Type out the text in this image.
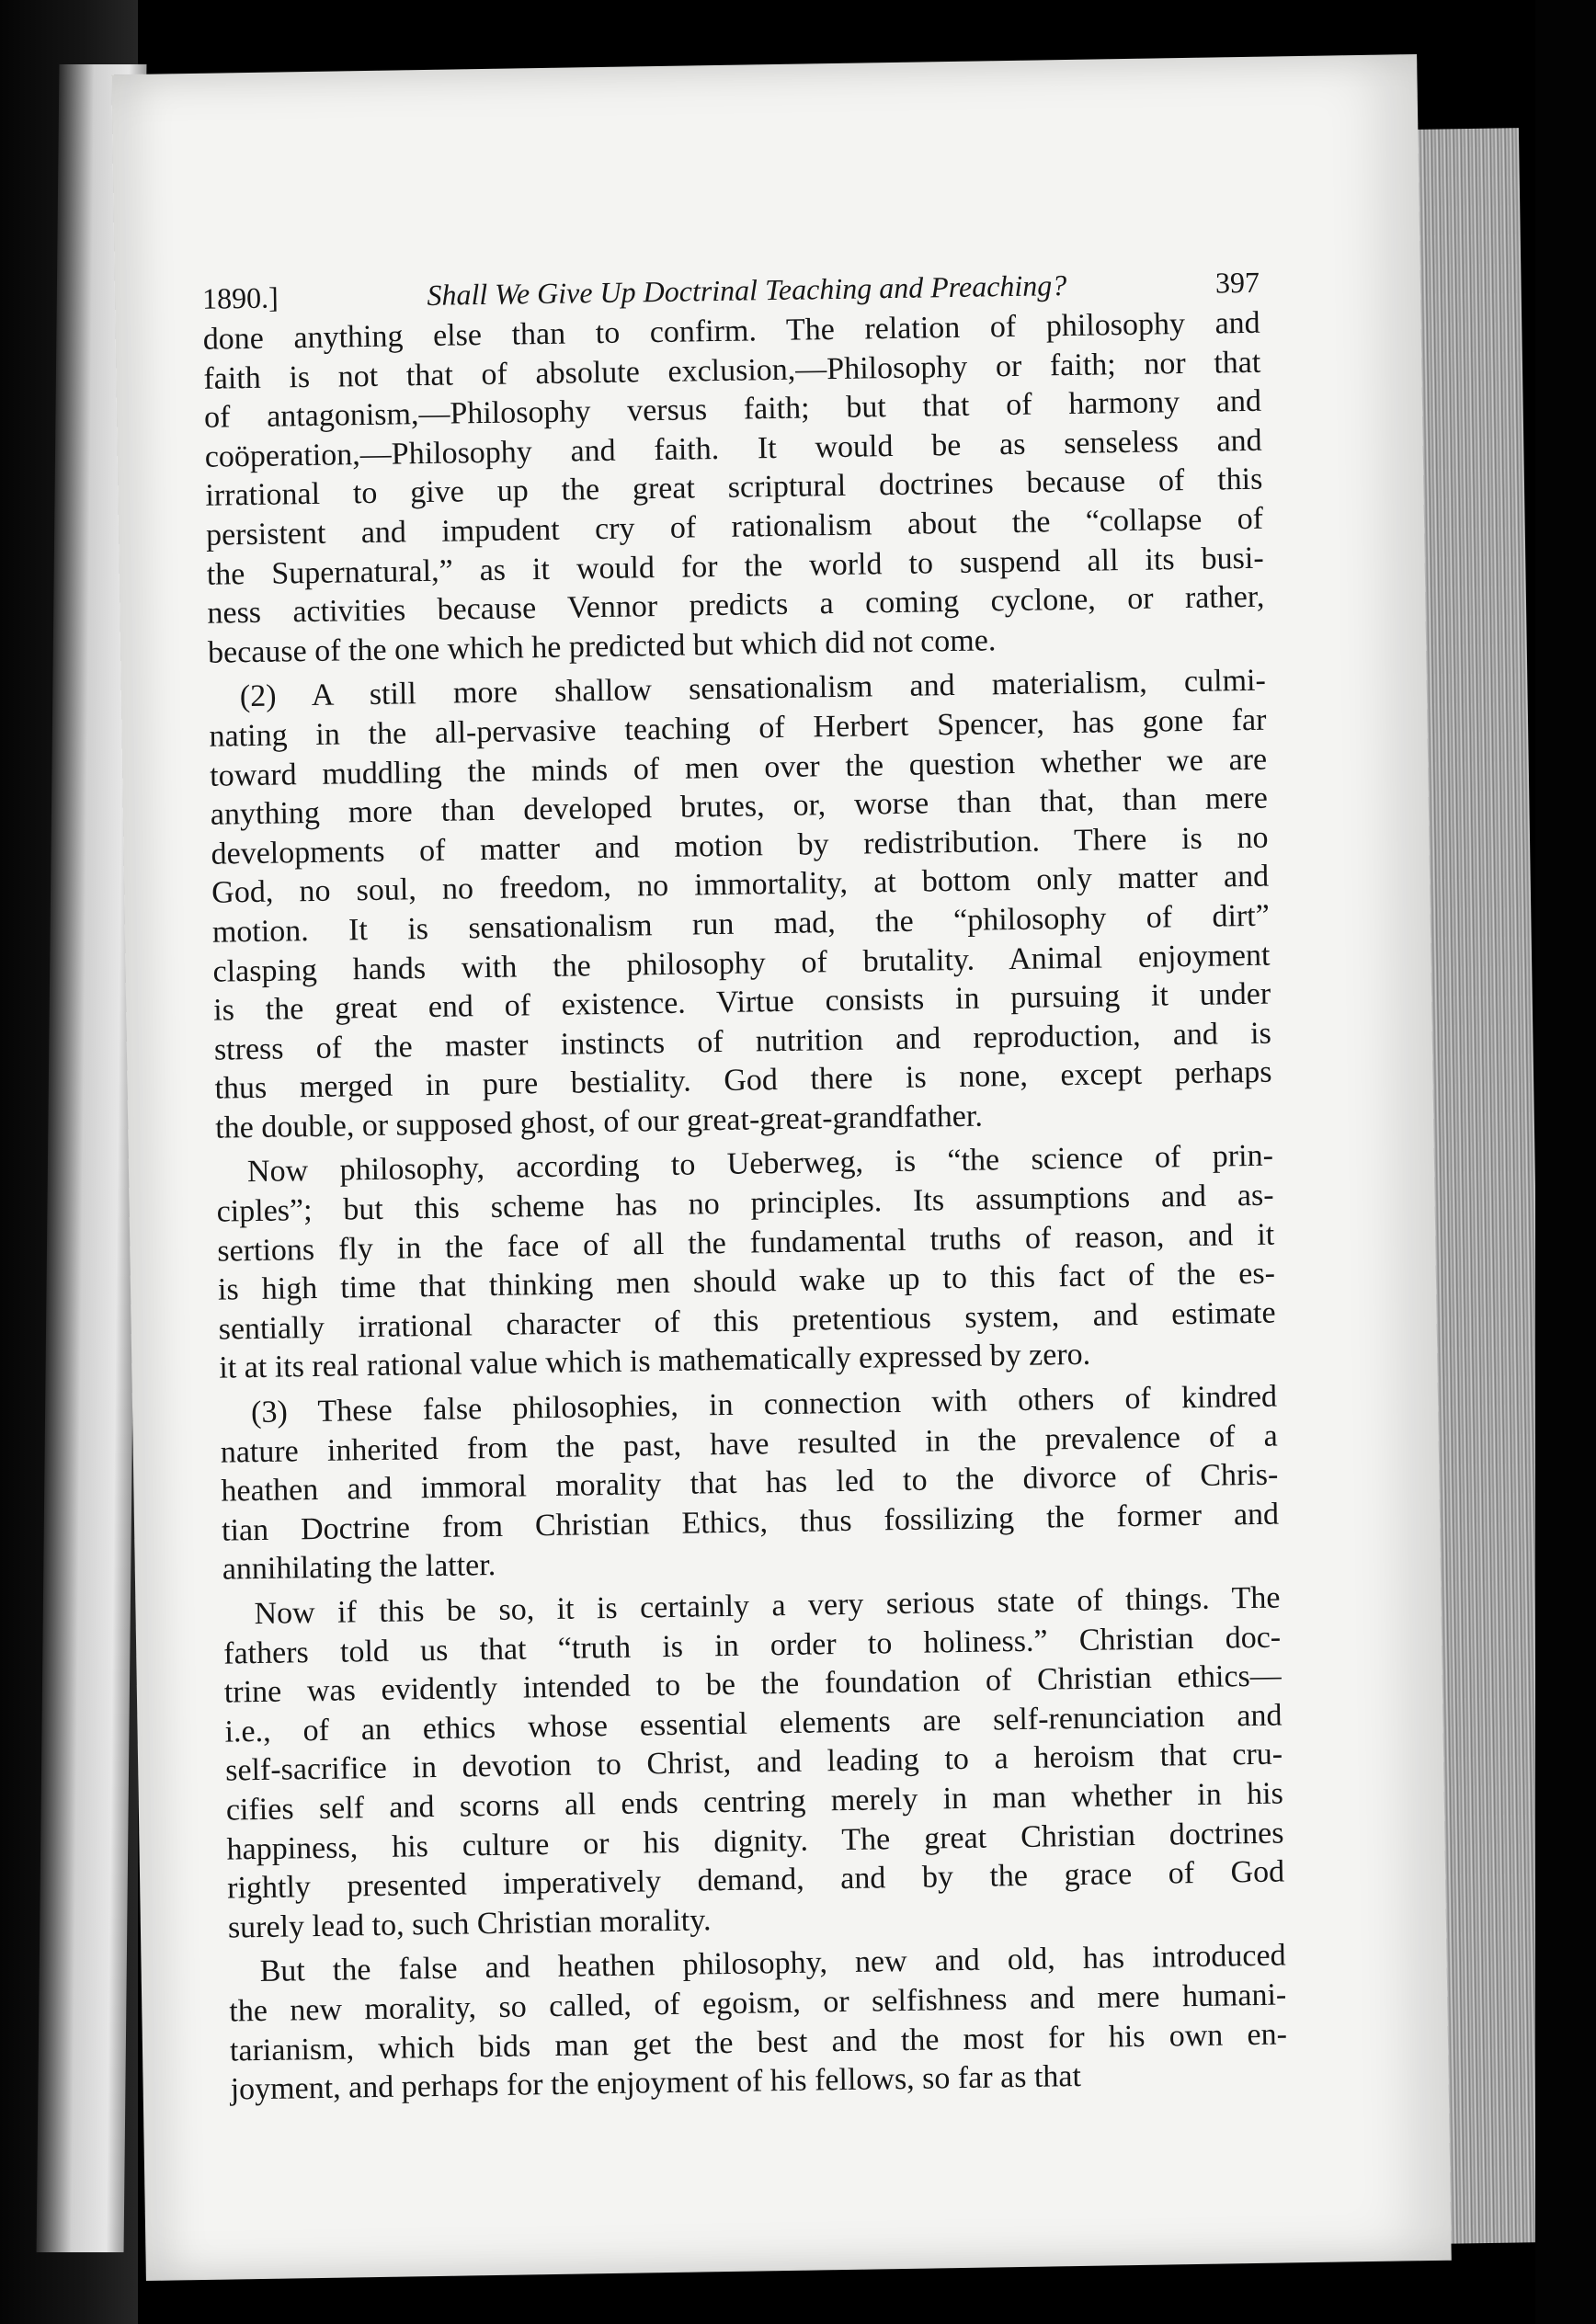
1890.]	Shall We Give Up Doctrinal Teaching and Preaching?	397
done anything else than to confirm. The relation of philosophy and
faith is not that of absolute exclusion,—Philosophy or faith; nor that
of antagonism,—Philosophy versus faith; but that of harmony and
coöperation,—Philosophy and faith. It would be as senseless and
irrational to give up the great scriptural doctrines because of this
persistent and impudent cry of rationalism about the “collapse of
the Supernatural,” as it would for the world to suspend all its busi-
ness activities because Vennor predicts a coming cyclone, or rather,
because of the one which he predicted but which did not come.
(2) A still more shallow sensationalism and materialism, culmi-
nating in the all-pervasive teaching of Herbert Spencer, has gone far
toward muddling the minds of men over the question whether we are
anything more than developed brutes, or, worse than that, than mere
developments of matter and motion by redistribution. There is no
God, no soul, no freedom, no immortality, at bottom only matter and
motion. It is sensationalism run mad, the “philosophy of dirt”
clasping hands with the philosophy of brutality. Animal enjoyment
is the great end of existence. Virtue consists in pursuing it under
stress of the master instincts of nutrition and reproduction, and is
thus merged in pure bestiality. God there is none, except perhaps
the double, or supposed ghost, of our great-great-grandfather.
Now philosophy, according to Ueberweg, is “the science of prin-
ciples”; but this scheme has no principles. Its assumptions and as-
sertions fly in the face of all the fundamental truths of reason, and it
is high time that thinking men should wake up to this fact of the es-
sentially irrational character of this pretentious system, and estimate
it at its real rational value which is mathematically expressed by zero.
(3) These false philosophies, in connection with others of kindred
nature inherited from the past, have resulted in the prevalence of a
heathen and immoral morality that has led to the divorce of Chris-
tian Doctrine from Christian Ethics, thus fossilizing the former and
annihilating the latter.
Now if this be so, it is certainly a very serious state of things. The
fathers told us that “truth is in order to holiness.” Christian doc-
trine was evidently intended to be the foundation of Christian ethics—
i.e., of an ethics whose essential elements are self-renunciation and
self-sacrifice in devotion to Christ, and leading to a heroism that cru-
cifies self and scorns all ends centring merely in man whether in his
happiness, his culture or his dignity. The great Christian doctrines
rightly presented imperatively demand, and by the grace of God
surely lead to, such Christian morality.
But the false and heathen philosophy, new and old, has introduced
the new morality, so called, of egoism, or selfishness and mere humani-
tarianism, which bids man get the best and the most for his own en-
joyment, and perhaps for the enjoyment of his fellows, so far as that
